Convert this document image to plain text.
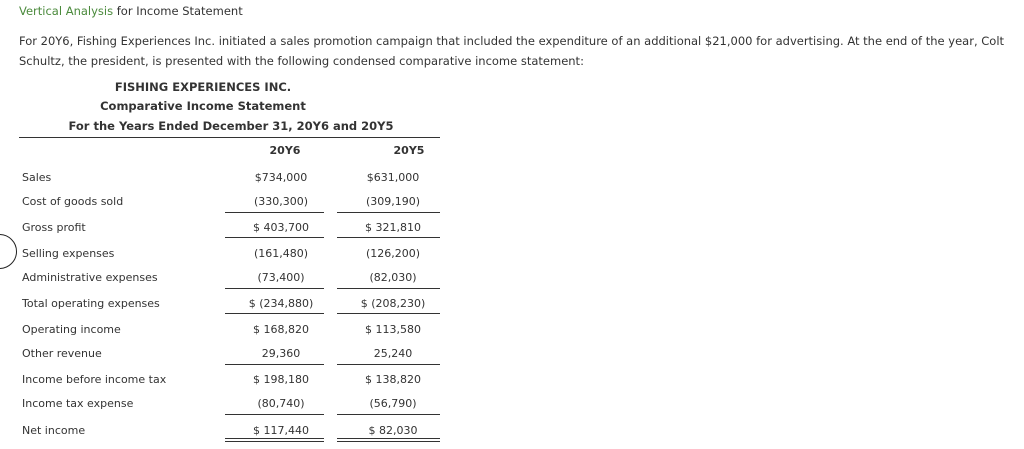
Vertical Analysis for Income Statement
For 20Y6, Fishing Experiences Inc. initiated a sales promotion campaign that included the expenditure of an additional $21,000 for advertising. At the end of the year, Colt Schultz, the president, is presented with the following condensed comparative income statement:
FISHING EXPERIENCES INC.
Comparative Income Statement
For the Years Ended December 31, 20Y6 and 20Y5
20Y6	20Y5
Sales	$734,000	$631,000
Cost of goods sold	(330,300)	(309,190)
Gross profit	$ 403,700	$ 321,810
Selling expenses	(161,480)	(126,200)
Administrative expenses	(73,400)	(82,030)
Total operating expenses	$ (234,880)	$ (208,230)
Operating income	$ 168,820	$ 113,580
Other revenue	29,360	25,240
Income before income tax	$ 198,180	$ 138,820
Income tax expense	(80,740)	(56,790)
Net income	$ 117,440	$ 82,030
